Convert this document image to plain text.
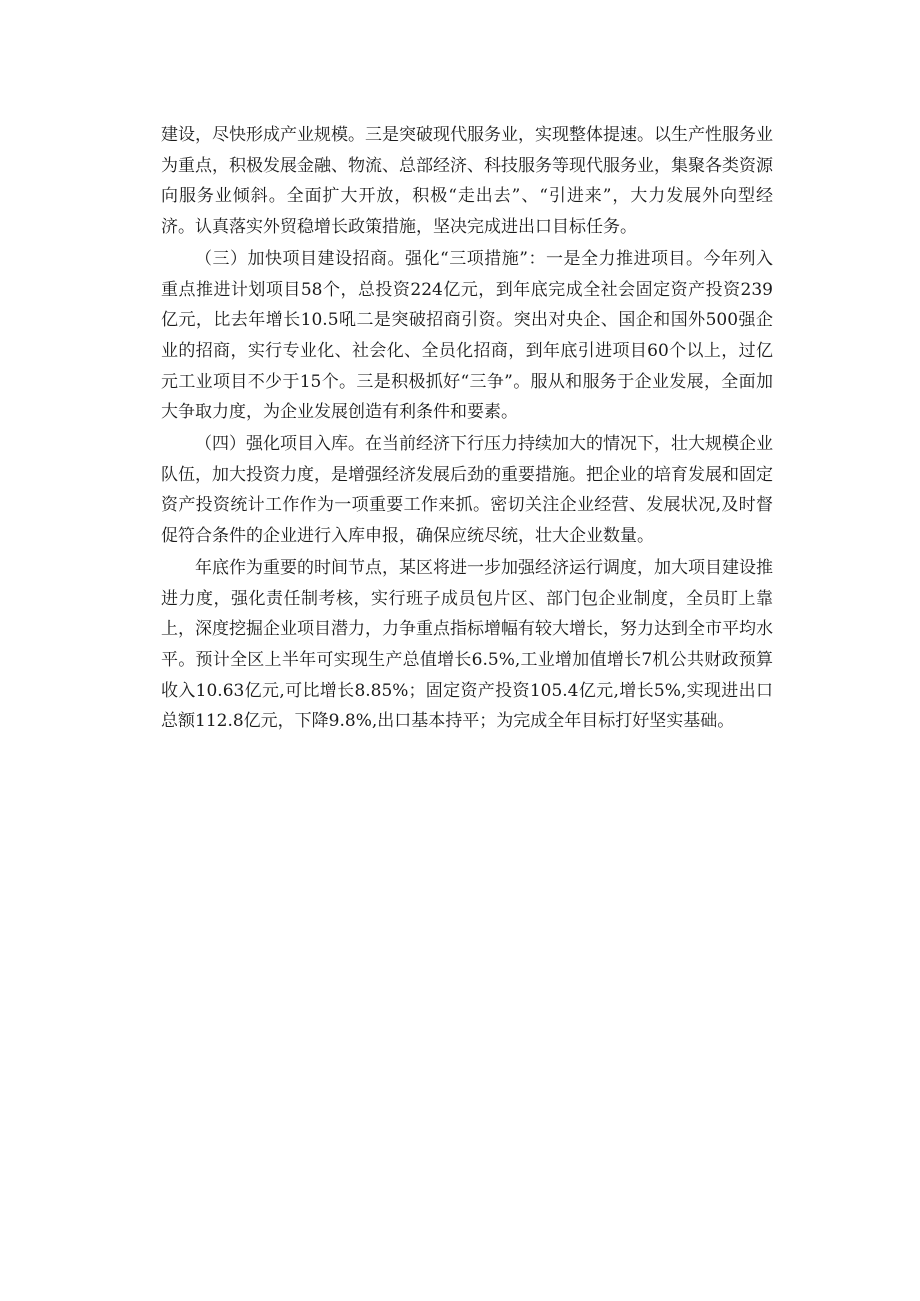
建设，尽快形成产业规模。三是突破现代服务业，实现整体提速。以生产性服务业为重点，积极发展金融、物流、总部经济、科技服务等现代服务业，集聚各类资源向服务业倾斜。全面扩大开放，积极“走出去”、“引进来”，大力发展外向型经济。认真落实外贸稳增长政策措施，坚决完成进出口目标任务。

（三）加快项目建设招商。强化“三项措施”：一是全力推进项目。今年列入重点推进计划项目58个，总投资224亿元，到年底完成全社会固定资产投资239亿元，比去年增长10.5吼二是突破招商引资。突出对央企、国企和国外500强企业的招商，实行专业化、社会化、全员化招商，到年底引进项目60个以上，过亿元工业项目不少于15个。三是积极抓好“三争”。服从和服务于企业发展，全面加大争取力度，为企业发展创造有利条件和要素。

（四）强化项目入库。在当前经济下行压力持续加大的情况下，壮大规模企业队伍，加大投资力度，是增强经济发展后劲的重要措施。把企业的培育发展和固定资产投资统计工作作为一项重要工作来抓。密切关注企业经营、发展状况,及时督促符合条件的企业进行入库申报，确保应统尽统，壮大企业数量。

年底作为重要的时间节点，某区将进一步加强经济运行调度，加大项目建设推进力度，强化责任制考核，实行班子成员包片区、部门包企业制度，全员盯上靠上，深度挖掘企业项目潜力，力争重点指标增幅有较大增长，努力达到全市平均水平。预计全区上半年可实现生产总值增长6.5%,工业增加值增长7机公共财政预算收入10.63亿元,可比增长8.85%；固定资产投资105.4亿元,增长5%,实现进出口总额112.8亿元，下降9.8%,出口基本持平；为完成全年目标打好坚实基础。
